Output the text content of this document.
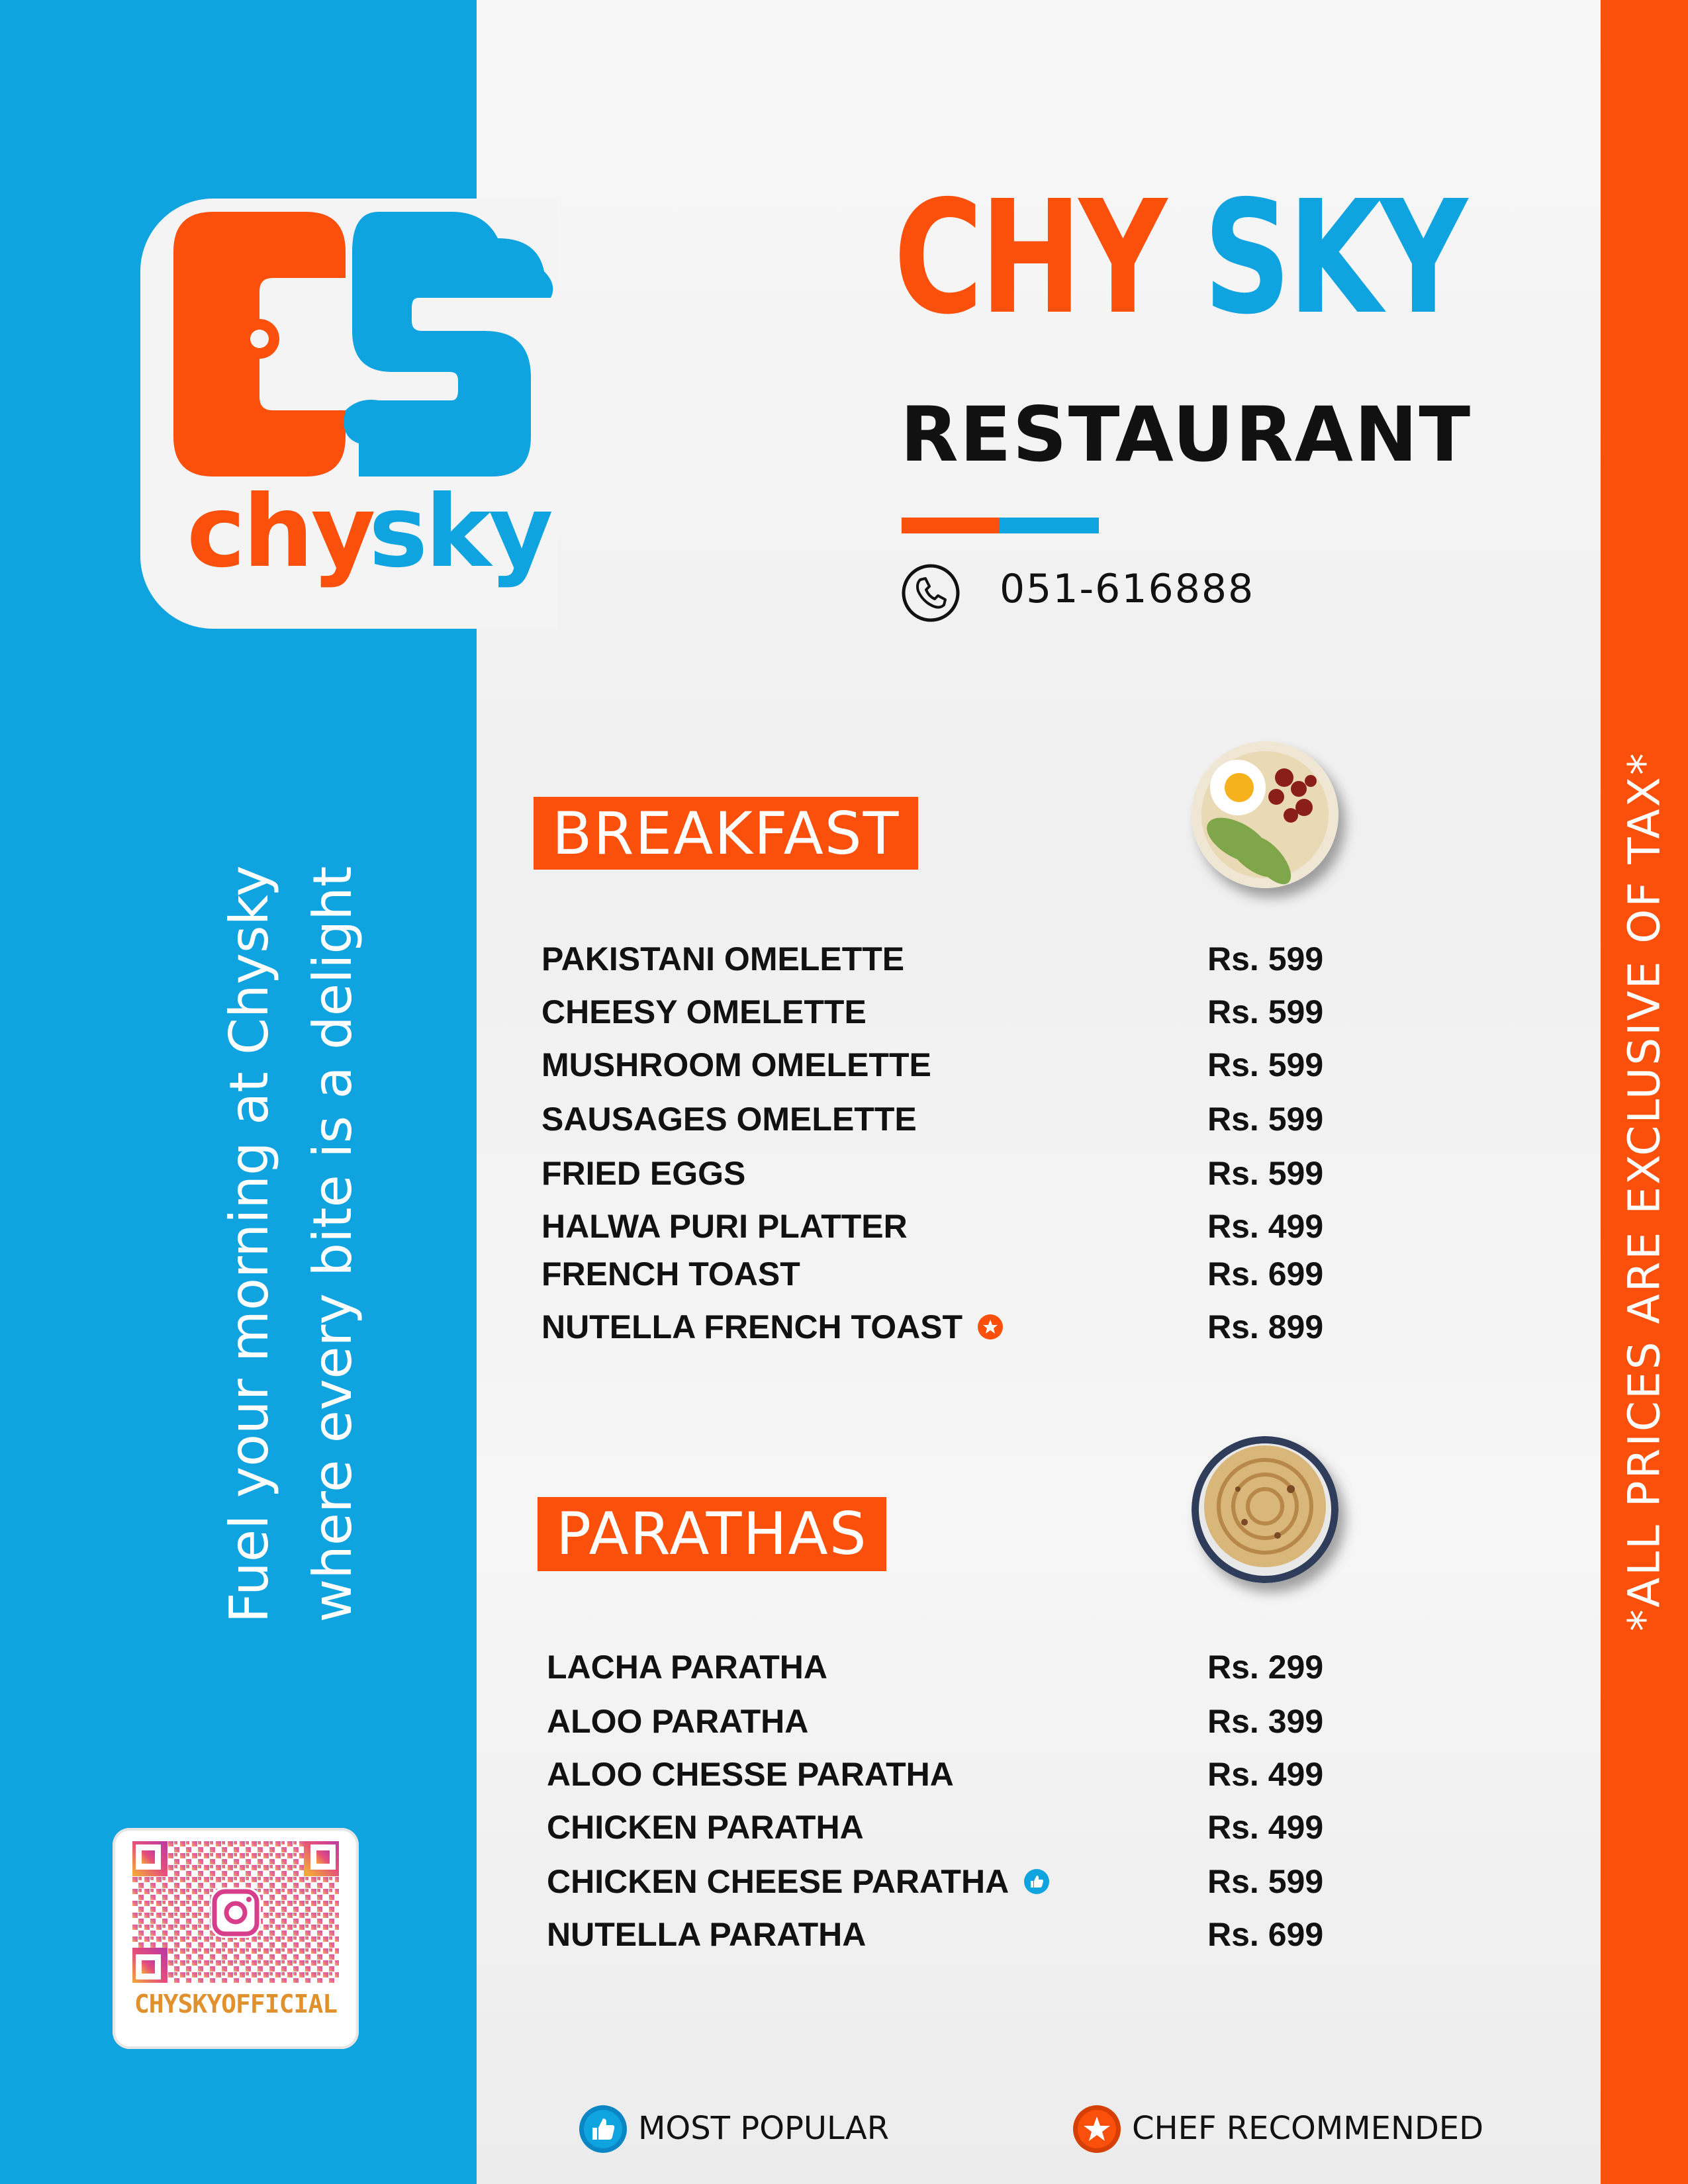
chy
sky
Fuel your morning at Chysky where every bite is a delight
CHYSKYOFFICIAL
CHY SKY
RESTAURANT
051-616888
*ALL PRICES ARE EXCLUSIVE OF TAX*
BREAKFAST
PAKISTANI OMELETTE	Rs. 599
CHEESY OMELETTE	Rs. 599
MUSHROOM OMELETTE	Rs. 599
SAUSAGES OMELETTE	Rs. 599
FRIED EGGS	Rs. 599
HALWA PURI PLATTER	Rs. 499
FRENCH TOAST	Rs. 699
NUTELLA FRENCH TOAST	Rs. 899
PARATHAS
LACHA PARATHA	Rs. 299
ALOO PARATHA	Rs. 399
ALOO CHESSE PARATHA	Rs. 499
CHICKEN PARATHA	Rs. 499
CHICKEN CHEESE PARATHA	Rs. 599
NUTELLA PARATHA	Rs. 699
MOST POPULAR	CHEF RECOMMENDED
